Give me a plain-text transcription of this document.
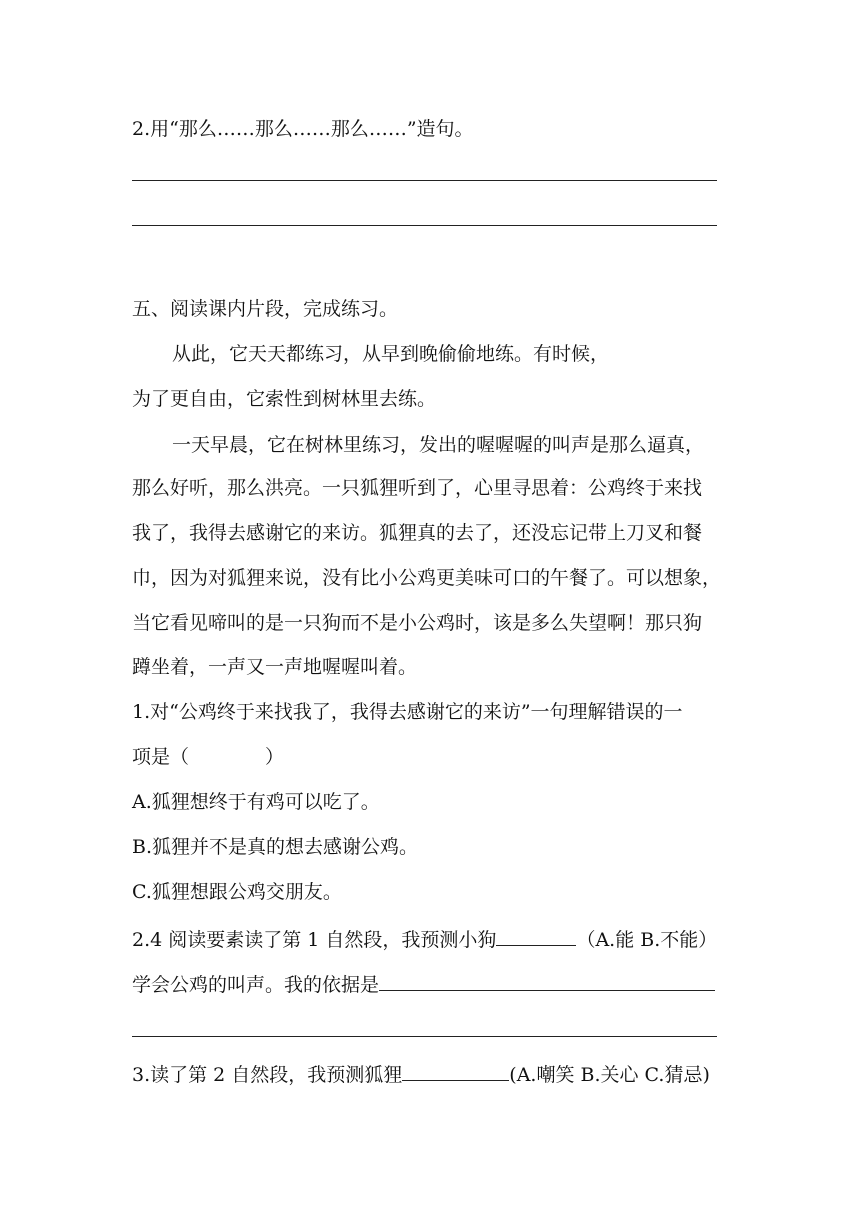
2.用“那么……那么……那么……”造句。
五、阅读课内片段，完成练习。
从此，它天天都练习，从早到晚偷偷地练。有时候，
为了更自由，它索性到树林里去练。
一天早晨，它在树林里练习，发出的喔喔喔的叫声是那么逼真，
那么好听，那么洪亮。一只狐狸听到了，心里寻思着：公鸡终于来找
我了，我得去感谢它的来访。狐狸真的去了，还没忘记带上刀叉和餐
巾，因为对狐狸来说，没有比小公鸡更美味可口的午餐了。可以想象，
当它看见啼叫的是一只狗而不是小公鸡时，该是多么失望啊！那只狗
蹲坐着，一声又一声地喔喔叫着。
1.对“公鸡终于来找我了，我得去感谢它的来访”一句理解错误的一
项是（　　　　）
A.狐狸想终于有鸡可以吃了。
B.狐狸并不是真的想去感谢公鸡。
C.狐狸想跟公鸡交朋友。
2.4 阅读要素读了第 1 自然段，我预测小狗	（A.能 B.不能）
学会公鸡的叫声。我的依据是
3.读了第 2 自然段，我预测狐狸	(A.嘲笑 B.关心 C.猜忌)
